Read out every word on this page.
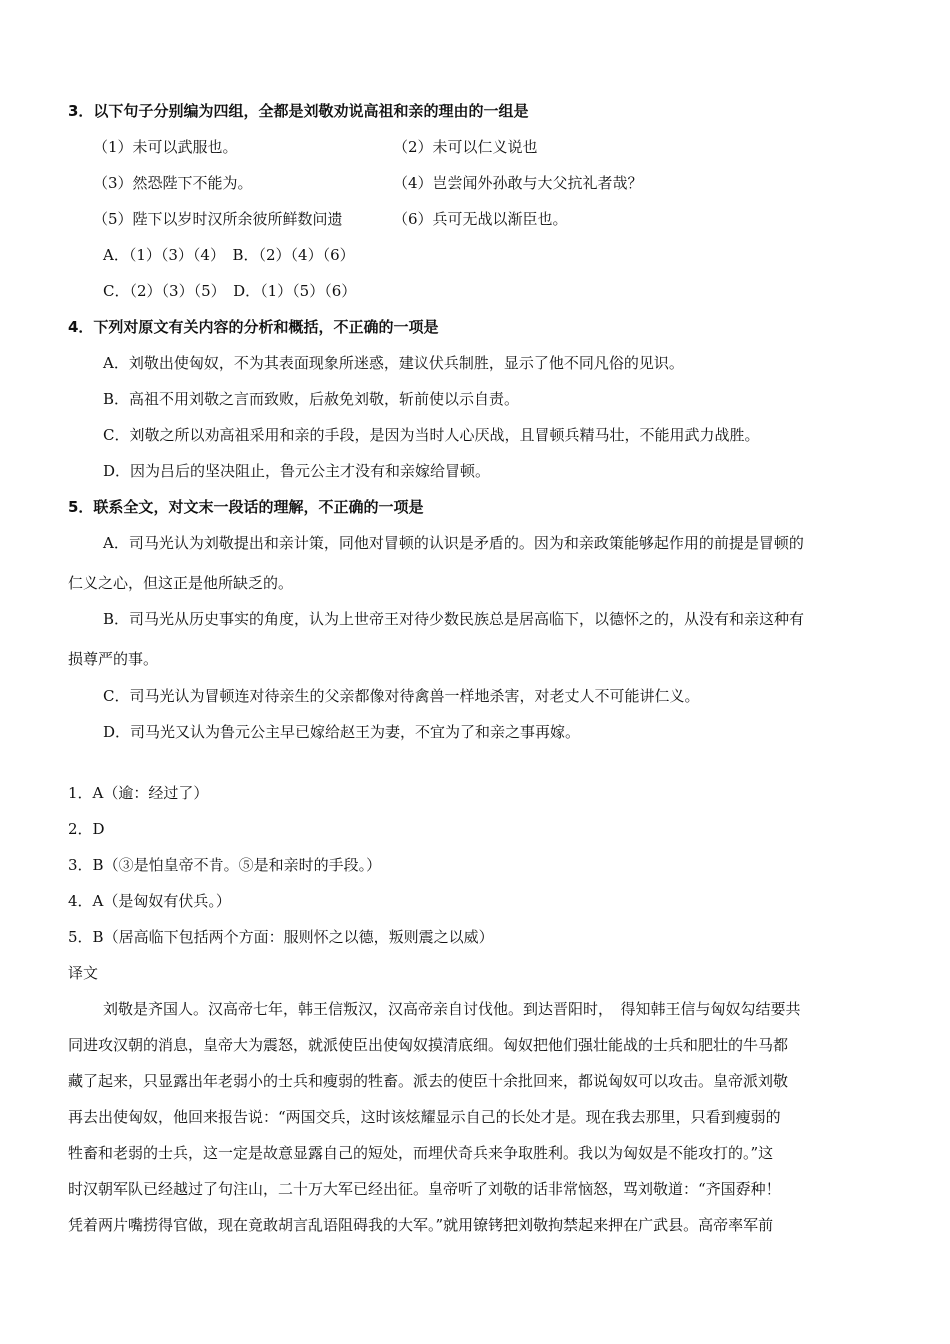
3．以下句子分别编为四组，全都是刘敬劝说高祖和亲的理由的一组是
（1）未可以武服也。	（2）未可以仁义说也
（3）然恐陛下不能为。	（4）岂尝闻外孙敢与大父抗礼者哉？
（5）陛下以岁时汉所余彼所鲜数问遗	（6）兵可无战以渐臣也。
A．（1）（3）（4）　B．（2）（4）（6）
C．（2）（3）（5）　D．（1）（5）（6）
4．下列对原文有关内容的分析和概括，不正确的一项是
A．刘敬出使匈奴，不为其表面现象所迷惑，建议伏兵制胜，显示了他不同凡俗的见识。
B．高祖不用刘敬之言而致败，后赦免刘敬，斩前使以示自责。
C．刘敬之所以劝高祖采用和亲的手段，是因为当时人心厌战，且冒顿兵精马壮，不能用武力战胜。
D．因为吕后的坚决阻止，鲁元公主才没有和亲嫁给冒顿。
5．联系全文，对文末一段话的理解，不正确的一项是
A．司马光认为刘敬提出和亲计策，同他对冒顿的认识是矛盾的。因为和亲政策能够起作用的前提是冒顿的
仁义之心，但这正是他所缺乏的。
B．司马光从历史事实的角度，认为上世帝王对待少数民族总是居高临下，以德怀之的，从没有和亲这种有
损尊严的事。
C．司马光认为冒顿连对待亲生的父亲都像对待禽兽一样地杀害，对老丈人不可能讲仁义。
D．司马光又认为鲁元公主早已嫁给赵王为妻，不宜为了和亲之事再嫁。
1．A（逾：经过了）
2．D
3．B（③是怕皇帝不肯。⑤是和亲时的手段。）
4．A（是匈奴有伏兵。）
5．B（居高临下包括两个方面：服则怀之以德，叛则震之以威）
译文
刘敬是齐国人。汉高帝七年，韩王信叛汉，汉高帝亲自讨伐他。到达晋阳时，　得知韩王信与匈奴勾结要共
同进攻汉朝的消息，皇帝大为震怒，就派使臣出使匈奴摸清底细。匈奴把他们强壮能战的士兵和肥壮的牛马都
藏了起来，只显露出年老弱小的士兵和瘦弱的牲畜。派去的使臣十余批回来，都说匈奴可以攻击。皇帝派刘敬
再去出使匈奴，他回来报告说：“两国交兵，这时该炫耀显示自己的长处才是。现在我去那里，只看到瘦弱的
牲畜和老弱的士兵，这一定是故意显露自己的短处，而埋伏奇兵来争取胜利。我以为匈奴是不能攻打的。”这
时汉朝军队已经越过了句注山，二十万大军已经出征。皇帝听了刘敬的话非常恼怒，骂刘敬道：“齐国孬种！
凭着两片嘴捞得官做，现在竟敢胡言乱语阻碍我的大军。”就用镣铐把刘敬拘禁起来押在广武县。高帝率军前
